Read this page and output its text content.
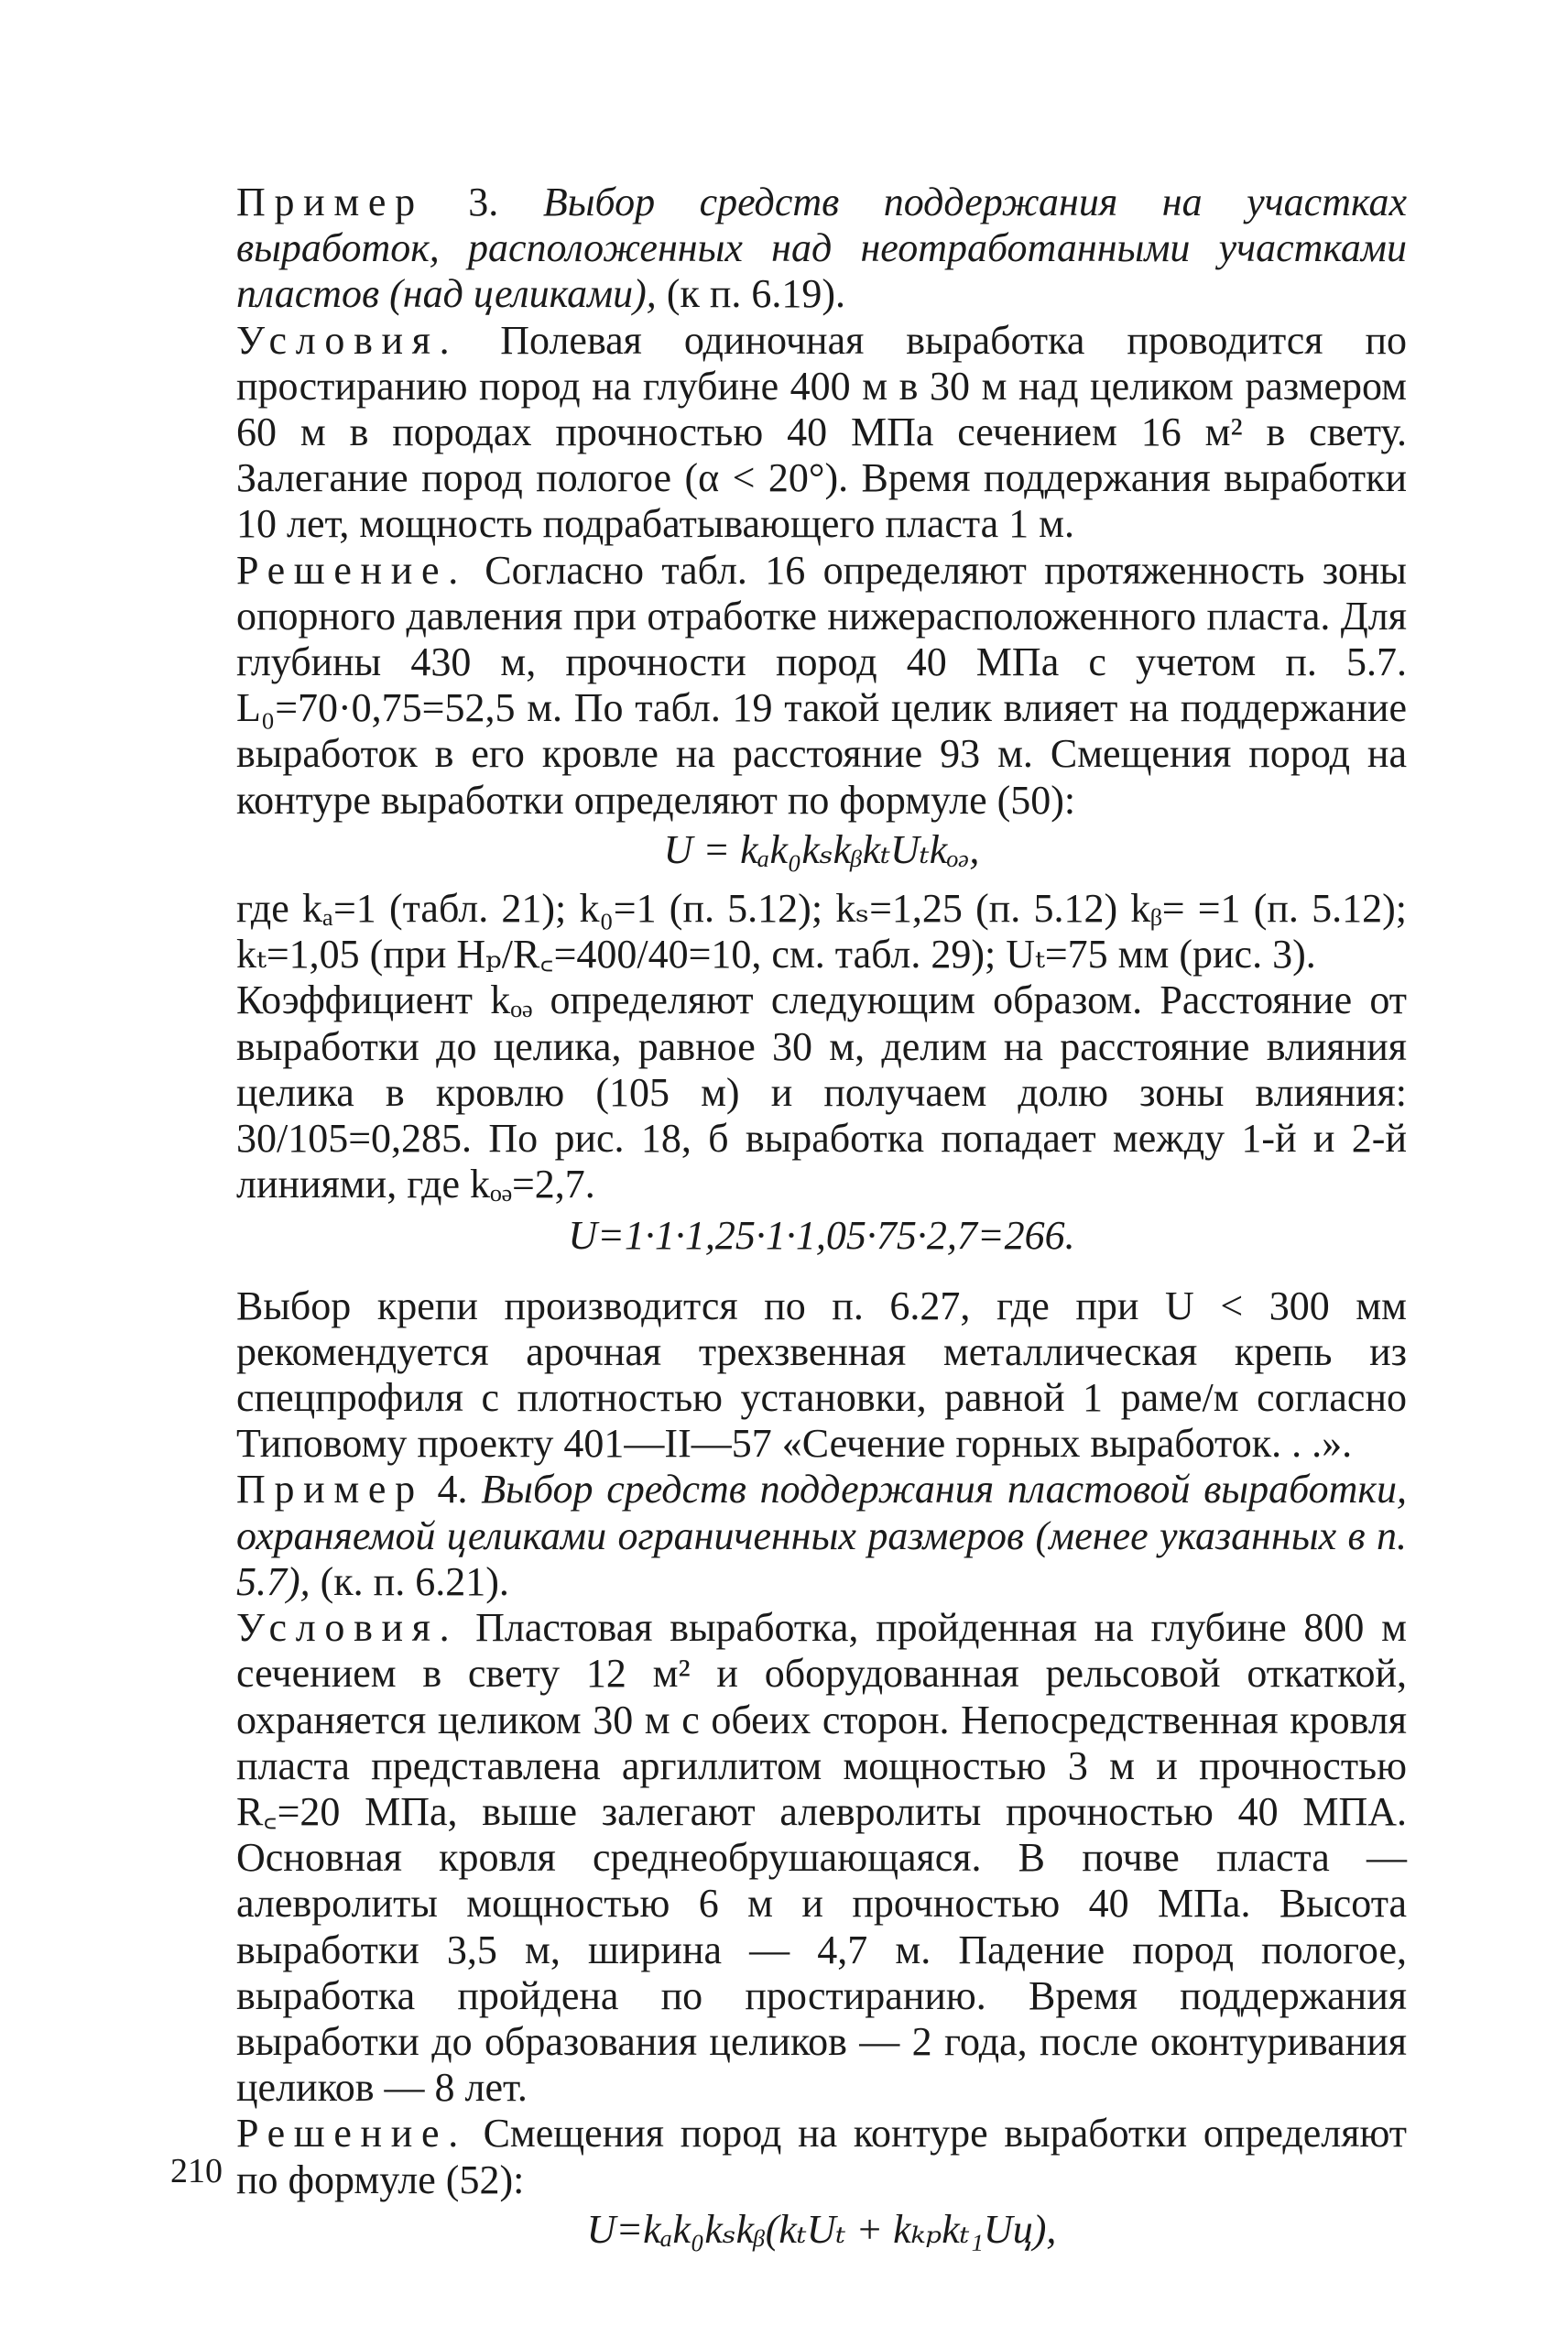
Пример 3. Выбор средств поддержания на участках выработок, расположенных над неотработанными участками пластов (над целиками), (к п. 6.19).

Условия. Полевая одиночная выработка проводится по простиранию пород на глубине 400 м в 30 м над целиком размером 60 м в породах прочностью 40 МПа сечением 16 м² в свету. Залегание пород пологое (α < 20°). Время поддержания выработки 10 лет, мощность подрабатывающего пласта 1 м.

Решение. Согласно табл. 16 определяют протяженность зоны опорного давления при отработке нижерасположенного пласта. Для глубины 430 м, прочности пород 40 МПа с учетом п. 5.7. L₀=70·0,75=52,5 м. По табл. 19 такой целик влияет на поддержание выработок в его кровле на расстояние 93 м. Смещения пород на контуре выработки определяют по формуле (50):

U = kₐk₀kₛkᵦkₜUₜkₒₔ,

где kₐ=1 (табл. 21); k₀=1 (п. 5.12); kₛ=1,25 (п. 5.12) kᵦ= =1 (п. 5.12); kₜ=1,05 (при Hₚ/R꜀=400/40=10, см. табл. 29); Uₜ=75 мм (рис. 3).

Коэффициент kₒₔ определяют следующим образом. Расстояние от выработки до целика, равное 30 м, делим на расстояние влияния целика в кровлю (105 м) и получаем долю зоны влияния: 30/105=0,285. По рис. 18, б выработка попадает между 1-й и 2-й линиями, где kₒₔ=2,7.

U=1·1·1,25·1·1,05·75·2,7=266.

Выбор крепи производится по п. 6.27, где при U < 300 мм рекомендуется арочная трехзвенная металлическая крепь из спецпрофиля с плотностью установки, равной 1 раме/м согласно Типовому проекту 401—II—57 «Сечение горных выработок. . .».

Пример 4. Выбор средств поддержания пластовой выработки, охраняемой целиками ограниченных размеров (менее указанных в п. 5.7), (к. п. 6.21).

Условия. Пластовая выработка, пройденная на глубине 800 м сечением в свету 12 м² и оборудованная рельсовой откаткой, охраняется целиком 30 м с обеих сторон. Непосредственная кровля пласта представлена аргиллитом мощностью 3 м и прочностью R꜀=20 МПа, выше залегают алевролиты прочностью 40 МПА. Основная кровля среднеобрушающаяся. В почве пласта — алевролиты мощностью 6 м и прочностью 40 МПа. Высота выработки 3,5 м, ширина — 4,7 м. Падение пород пологое, выработка пройдена по простиранию. Время поддержания выработки до образования целиков — 2 года, после оконтуривания целиков — 8 лет.

Решение. Смещения пород на контуре выработки определяют по формуле (52):

U=kₐk₀kₛkᵦ(kₜUₜ + kₖₚkₜ₁Uц),

210
